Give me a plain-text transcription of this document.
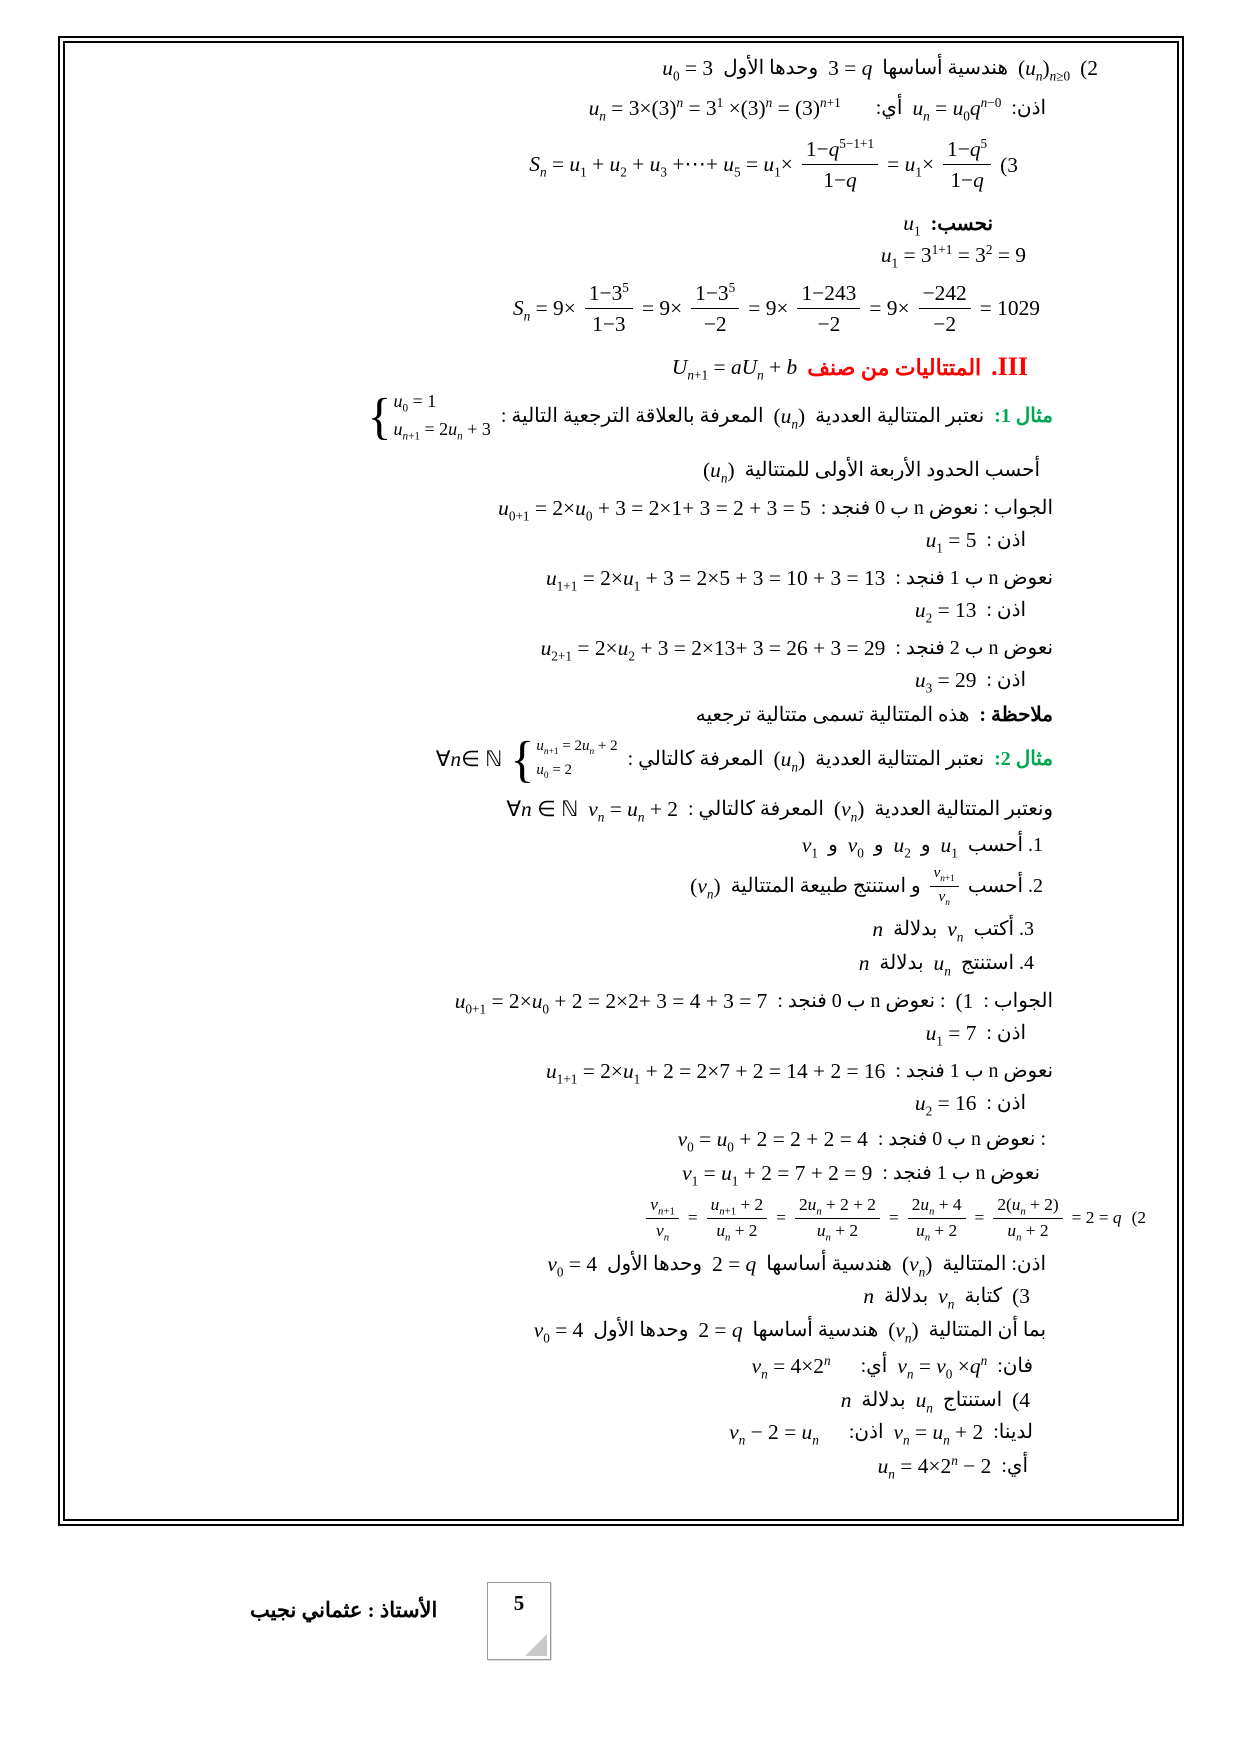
($2(u_n)_{n\ge 0}هندسية$ أساسها3 = qوحدها الأولu$_0$ = 3
$اذن:u_n$ = $u_0q^{n-0}أي:u_n = 3\times(3)^n = 3^1 \times(3)^n = (3)^{n+1}$
$S_n = u_1 + u_2 + u_3$ +⋯+ $u_5 = u_1\times \frac{1-q^{5-1+1}}{1-q} = u_1\times \frac{1-q^5}{1-q} (3$
$نحسب:u_1$
$u_1 = 3^{1+1} = 3^2 = 9$
$S_n = 9\times \frac{1-3^5}{1-3} = 9\times \frac{1-3^5}{-2} = 9\times \frac{1-243}{-2} = 9\times \frac{-242}{-2} = 1029$
.IIIالمتتاليات من صنفU$_{n+1}$ = $aU_n + b$
مثال 1:نعتبر المتتالية $العددية(u_n)المعرفة$ بالعلاقة الترجعية التالية :
{ $u_0 = 1$
$u_{n+1} = 2u_n + 3$
أحسب الحدود الأربعة الأولى $للمتتالية(u_n)$
الجواب : نعوض n ب 0 فنجد $:u_{0+1} = 2\times u_0 + 3 = 2\times 1+ 3 = 2 + 3 = 5$
اذن $:u_1 = 5$
نعوض n ب 1 فنجد $:u_{1+1} = 2\times u_1 + 3 = 2\times 5 + 3 = 10 + 3 = 13$
اذن $:u_2 = 13$
نعوض n ب 2 فنجد $:u_{2+1} = 2\times u_2 + 3 = 2\times 13+ 3 = 26 + 3 = 29$
اذن $:u_3 = 29$
ملاحظة :هذه المتتالية تسمى متتالية ترجعيه
مثال 2:نعتبر المتتالية $العددية(u_n)المعرفة$ كالتالي :
∀n∈ ℕ { $u_{n+1} = 2u_n + 2$
$u_0 = 2$
ونعتبر المتتالية $العددية(v_n)المعرفة$ كالتالي $:v_n = u_n$ + 2∀n ∈ ℕ
1. أحسبu$_1$وu$_2$وv$_0$وv$_1$
2. أحسب
$\frac{v_{n+1}}{v_n}$
و استنتج طبيعة $المتتالية(v_n)$
3. أكتبv$_n$بدلالةn
4. استنتجu$_n$بدلالةn
الجواب :(1: نعوض n ب 0 فنجد $:u_{0+1} = 2\times u_0 + 2 = 2\times 2+ 3 = 4 + 3 = 7$
اذن $:u_1 = 7$
نعوض n ب 1 فنجد $:u_{1+1} = 2\times u_1 + 2 = 2\times 7 + 2 = 14 + 2 = 16$
اذن $:u_2 = 16$
: نعوض n ب 0 فنجد $:v_0 = u_0 + 2 = 2 + 2 = 4$
نعوض n ب 1 فنجد $:v_1 = u_1 + 2 = 7 + 2 = 9$
$\frac{v_{n+1}}{v_n} = \frac{u_{n+1} + 2}{u_n + 2} = \frac{2u_n + 2 + 2}{u_n + 2} = \frac{2u_n + 4}{u_n + 2} = \frac{2(u_n + 2)}{u_n + 2} = 2 = q$ (2
اذن: $المتتالية(v_n)هندسية$ أساسها2 = qوحدها الأولv$_0$ = 4
(3كتابةv$_n$بدلالةn
بما أن $المتتالية(v_n)هندسية$ أساسها2 = qوحدها الأولv$_0$ = 4
$فان:v_n = v_0$ $\times q^nأي:v_n = 4\times 2^n$
(4استنتاجu$_n$بدلالةn
$لدينا:v_n = u_n$ + $2اذن:v_n - 2 = u_n$
$أي:u_n = 4\times 2^n - 2$
الأستاذ : عثماني نجيب	5
